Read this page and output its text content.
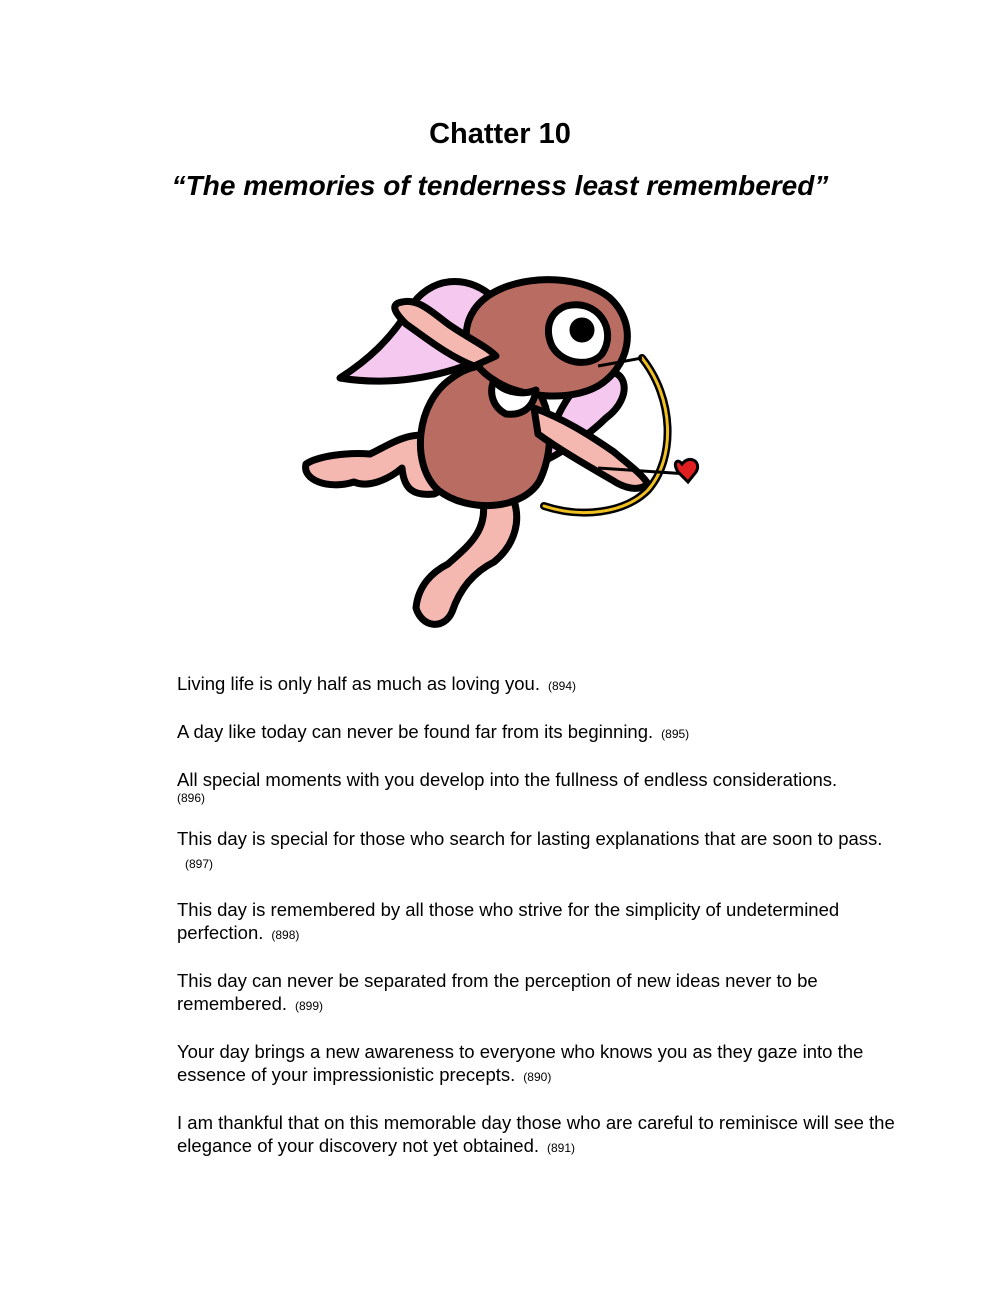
Chatter 10
“The memories of tenderness least remembered”
Living life is only half as much as loving you. (894)
A day like today can never be found far from its beginning. (895)
All special moments with you develop into the fullness of endless considerations.
(896)
This day is special for those who search for lasting explanations that are soon to pass.(897)
This day is remembered by all those who strive for the simplicity of undetermined perfection. (898)
This day can never be separated from the perception of new ideas never to be remembered. (899)
Your day brings a new awareness to everyone who knows you as they gaze into the essence of your impressionistic precepts. (890)
I am thankful that on this memorable day those who are careful to reminisce will see the elegance of your discovery not yet obtained. (891)
